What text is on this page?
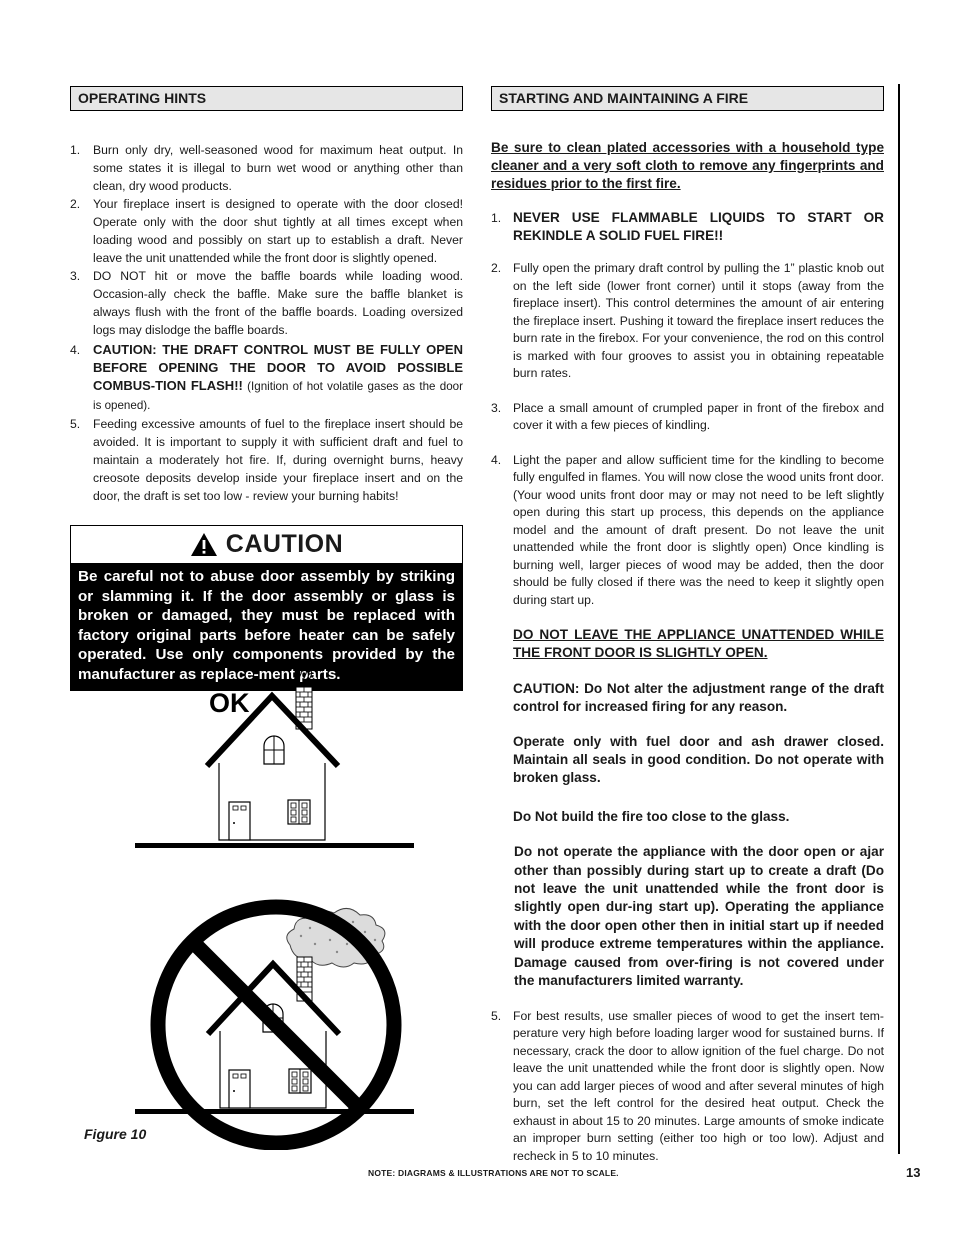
OPERATING HINTS
1. Burn only dry, well-seasoned wood for maximum heat output. In some states it is illegal to burn wet wood or anything other than clean, dry wood products.
2. Your fireplace insert is designed to operate with the door closed! Operate only with the door shut tightly at all times except when loading wood and possibly on start up to establish a draft. Never leave the unit unattended while the front door is slightly opened.
3. DO NOT hit or move the baffle boards while loading wood. Occasion-ally check the baffle. Make sure the baffle blanket is always flush with the front of the baffle boards. Loading oversized logs may dislodge the baffle boards.
4. CAUTION: THE DRAFT CONTROL MUST BE FULLY OPEN BEFORE OPENING THE DOOR TO AVOID POSSIBLE COMBUS-TION FLASH!! (Ignition of hot volatile gases as the door is opened).
5. Feeding excessive amounts of fuel to the fireplace insert should be avoided. It is important to supply it with sufficient draft and fuel to maintain a moderately hot fire. If, during overnight burns, heavy creosote deposits develop inside your fireplace insert and on the door, the draft is set too low - review your burning habits!
CAUTION
Be careful not to abuse door assembly by striking or slamming it. If the door assembly or glass is broken or damaged, they must be replaced with factory original parts before heater can be safely operated. Use only components provided by the manufacturer as replace-ment parts.
OK
Figure 10
STARTING AND MAINTAINING A FIRE
Be sure to clean plated accessories with a household type cleaner and a very soft cloth to remove any fingerprints and residues prior to the first fire.
1. NEVER USE FLAMMABLE LIQUIDS TO START OR REKINDLE A SOLID FUEL FIRE!!
2. Fully open the primary draft control by pulling the 1” plastic knob out on the left side (lower front corner) until it stops (away from the fireplace insert). This control determines the amount of air entering the fireplace insert. Pushing it toward the fireplace insert reduces the burn rate in the firebox. For your convenience, the rod on this control is marked with four grooves to assist you in obtaining repeatable burn rates.
3. Place a small amount of crumpled paper in front of the firebox and cover it with a few pieces of kindling.
4. Light the paper and allow sufficient time for the kindling to become fully engulfed in flames. You will now close the wood units front door. (Your wood units front door may or may not need to be left slightly open during this start up process, this depends on the appliance model and the amount of draft present. Do not leave the unit unattended while the front door is slightly open) Once kindling is burning well, larger pieces of wood may be added, then the door should be fully closed if there was the need to keep it slightly open during start up.
DO NOT LEAVE THE APPLIANCE UNATTENDED WHILE THE FRONT DOOR IS SLIGHTLY OPEN.
CAUTION: Do Not alter the adjustment range of the draft control for increased firing for any reason.
Operate only with fuel door and ash drawer closed. Maintain all seals in good condition. Do not operate with broken glass.
Do Not build the fire too close to the glass.
Do not operate the appliance with the door open or ajar other than possibly during start up to create a draft (Do not leave the unit unattended while the front door is slightly open dur-ing start up). Operating the appliance with the door open other then in initial start up if needed will produce extreme temperatures within the appliance. Damage caused from over-firing is not covered under the manufacturers limited warranty.
5. For best results, use smaller pieces of wood to get the insert tem-perature very high before loading larger wood for sustained burns. If necessary, crack the door to allow ignition of the fuel charge. Do not leave the unit unattended while the front door is slightly open. Now you can add larger pieces of wood and after several minutes of high burn, set the left control for the desired heat output. Check the exhaust in about 15 to 20 minutes. Large amounts of smoke indicate an improper burn setting (either too high or too low). Adjust and recheck in 5 to 10 minutes.
NOTE: DIAGRAMS & ILLUSTRATIONS ARE NOT TO SCALE.	13
